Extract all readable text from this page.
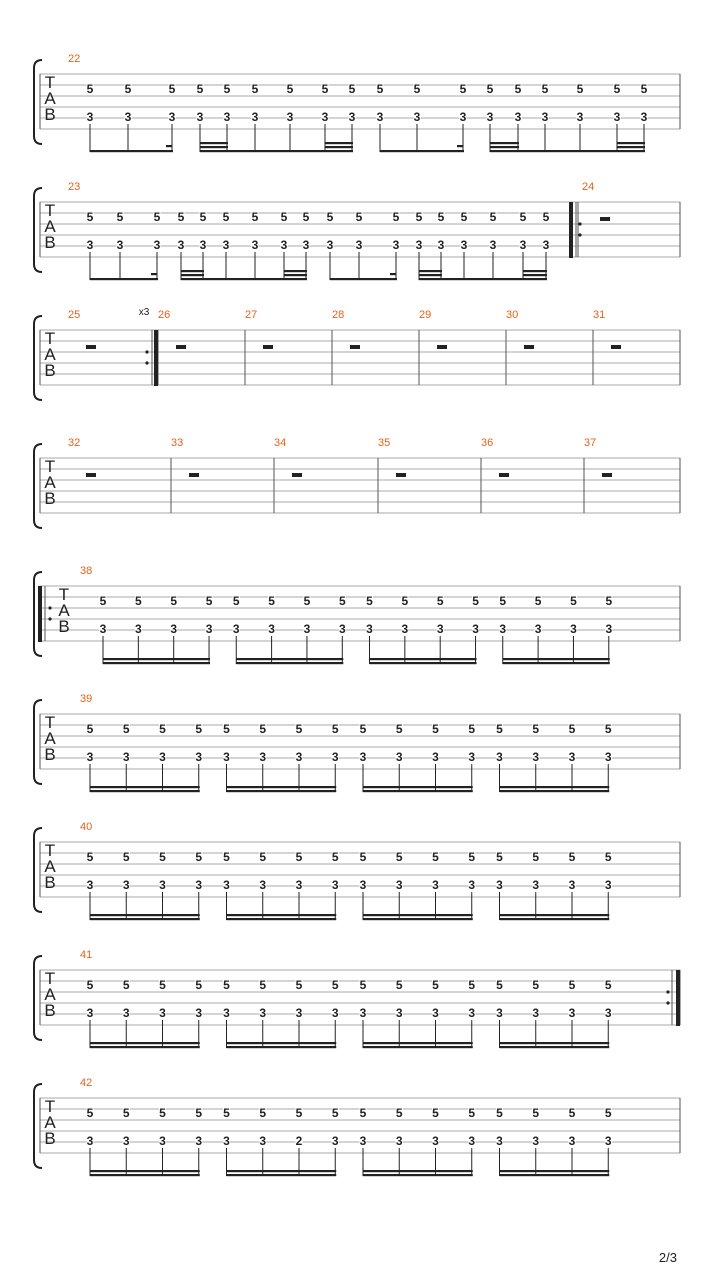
T
A
B
22
5
3
5
3
5
3
5
3
5
3
5
3
5
3
5
3
5
3
5
3
5
3
5
3
5
3
5
3
5
3
5
3
5
3
5
3
T
A
B
23
5
3
5
3
5
3
5
3
5
3
5
3
5
3
5
3
5
3
5
3
5
3
5
3
5
3
5
3
5
3
5
3
5
3
5
3
24
T
A
B
25	26	27	28	29	30	31
x3
T
A
B
32	33	34	35	36	37
T
A
B
38
5
3
5
3
5
3
5
3
5
3
5
3
5
3
5
3
5
3
5
3
5
3
5
3
5
3
5
3
5
3
5
3
T
A
B
39
5
3
5
3
5
3
5
3
5
3
5
3
5
3
5
3
5
3
5
3
5
3
5
3
5
3
5
3
5
3
5
3
T
A
B
40
5
3
5
3
5
3
5
3
5
3
5
3
5
3
5
3
5
3
5
3
5
3
5
3
5
3
5
3
5
3
5
3
T
A
B
41
5
3
5
3
5
3
5
3
5
3
5
3
5
3
5
3
5
3
5
3
5
3
5
3
5
3
5
3
5
3
5
3
T
A
B
42
5
3
5
3
5
3
5
3
5
3
5
3
5
2
5
3
5
3
5
3
5
3
5
3
5
3
5
3
5
3
5
3
2/3
